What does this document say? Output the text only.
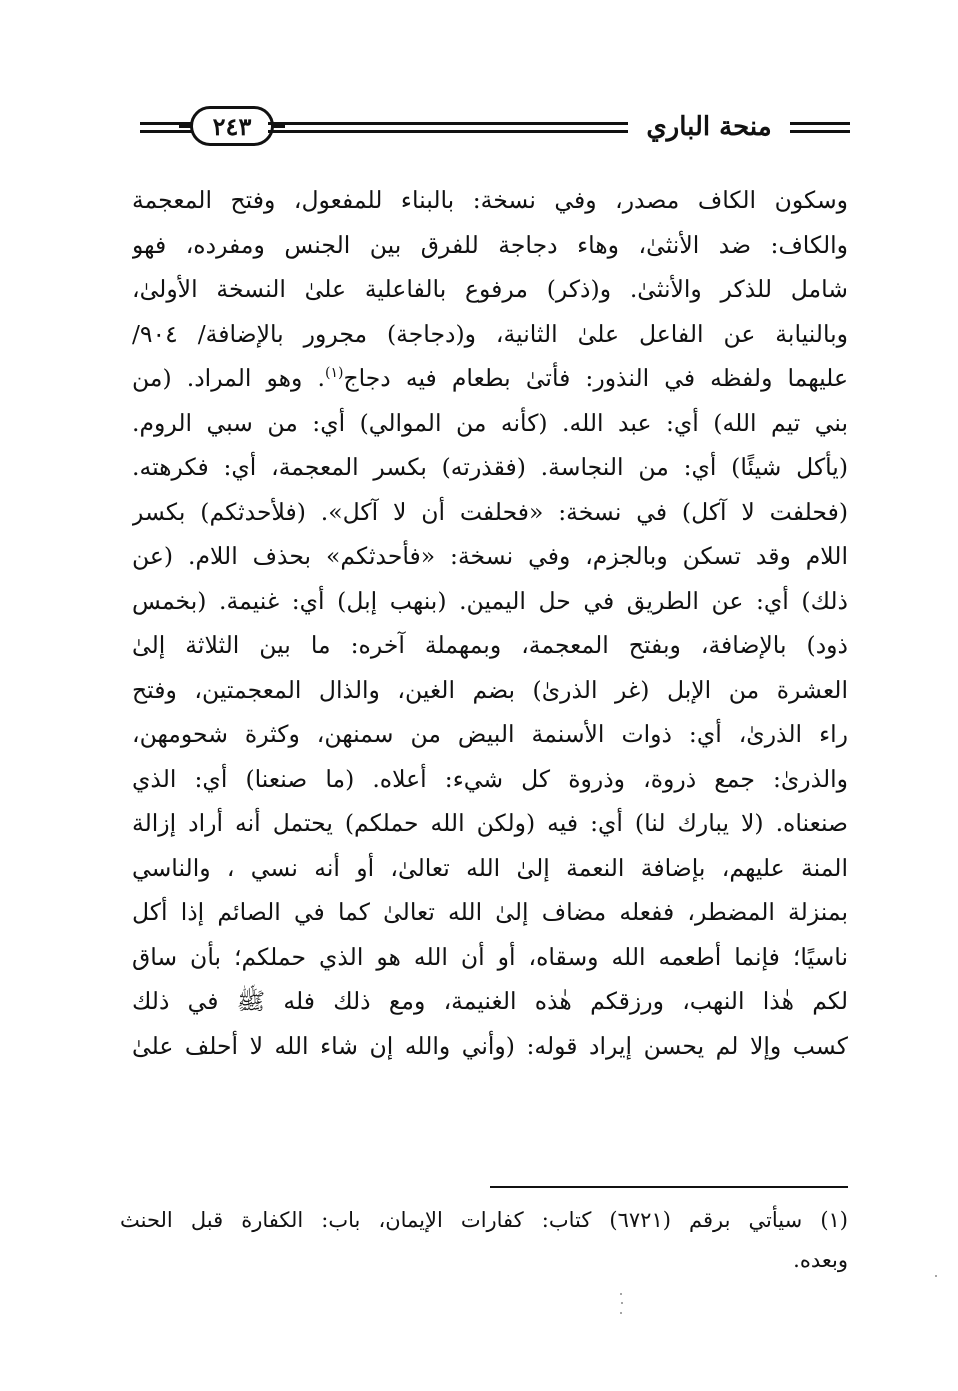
٢٤٣	منحة الباري
وسكون الكاف مصدر، وفي نسخة: بالبناء للمفعول، وفتح المعجمة
والكاف: ضد الأنثىٰ، وهاء دجاجة للفرق بين الجنس ومفرده، فهو
شامل للذكر والأنثىٰ. و(ذكر) مرفوع بالفاعلية علىٰ النسخة الأولىٰ،
وبالنيابة عن الفاعل علىٰ الثانية، و(دجاجة) مجرور بالإضافة/ ٩٠٤/
عليهما ولفظه في النذور: فأتىٰ بطعام فيه دجاج$^{(١)}$. وهو المراد. (من
بني تيم الله) أي: عبد الله. (كأنه من الموالي) أي: من سبي الروم.
(يأكل شيئًا) أي: من النجاسة. (فقذرته) بكسر المعجمة، أي: فكرهته.
(فحلفت لا آكل) في نسخة: «فحلفت أن لا آكل». (فلأحدثكم) بكسر
اللام وقد تسكن وبالجزم، وفي نسخة: «فأحدثكم» بحذف اللام. (عن
ذلك) أي: عن الطريق في حل اليمين. (بنهب إبل) أي: غنيمة. (بخمس
ذود) بالإضافة، وبفتح المعجمة، وبمهملة آخره: ما بين الثلاثة إلىٰ
العشرة من الإبل (غر الذرىٰ) بضم الغين، والذال المعجمتين، وفتح
راء الذرىٰ، أي: ذوات الأسنمة البيض من سمنهن، وكثرة شحومهن،
والذرىٰ: جمع ذروة، وذروة كل شيء: أعلاه. (ما صنعنا) أي: الذي
صنعناه. (لا يبارك لنا) أي: فيه (ولكن الله حملكم) يحتمل أنه أراد إزالة
المنة عليهم، بإضافة النعمة إلىٰ الله تعالىٰ، أو أنه نسي ، والناسي
بمنزلة المضطر، ففعله مضاف إلىٰ الله تعالىٰ كما في الصائم إذا أكل
ناسيًا؛ فإنما أطعمه الله وسقاه، أو أن الله هو الذي حملكم؛ بأن ساق
لكم هٰذا النهب، ورزقكم هٰذه الغنيمة، ومع ذلك فله ﷺ في ذلك
كسب وإلا لم يحسن إيراد قوله: (وأني والله إن شاء الله لا أحلف علىٰ
(١) سيأتي برقم (٦٧٢١) كتاب: كفارات الإيمان، باب: الكفارة قبل الحنث
وبعده.
